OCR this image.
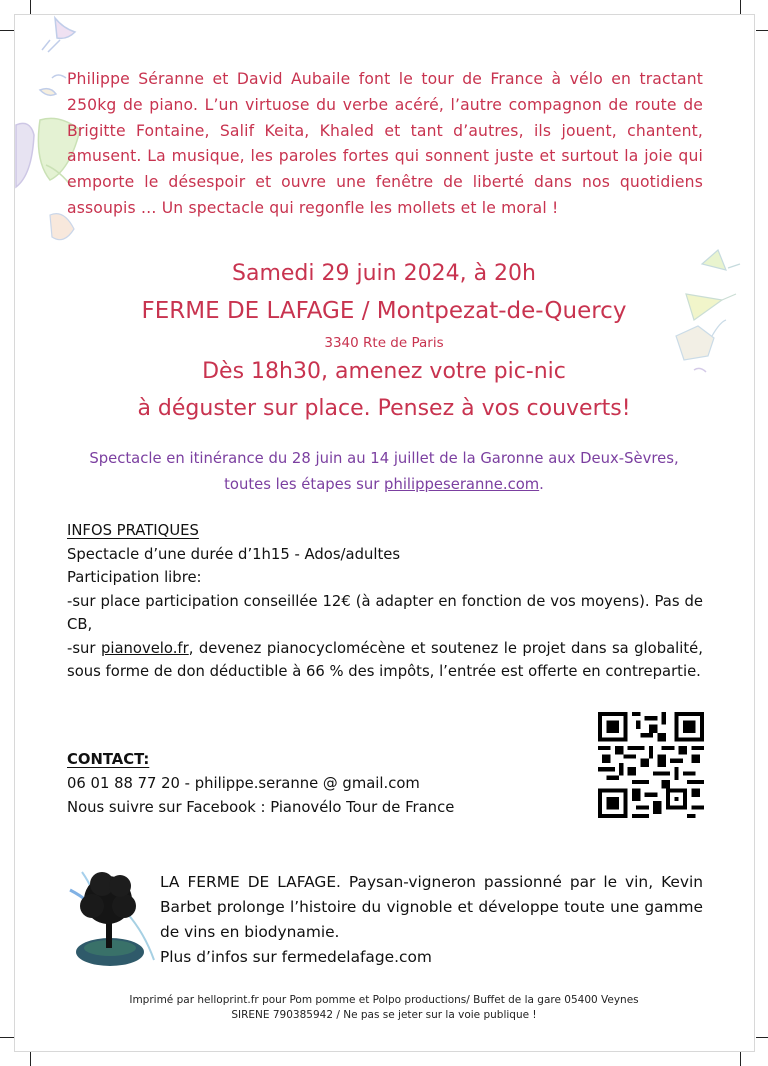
Philippe Séranne et David Aubaile font le tour de France à vélo en tractant 250kg de piano. L’un virtuose du verbe acéré, l’autre compagnon de route de Brigitte Fontaine, Salif Keita, Khaled et tant d’autres, ils jouent, chantent, amusent. La musique, les paroles fortes qui sonnent juste et surtout la joie qui emporte le désespoir et ouvre une fenêtre de liberté dans nos quotidiens assoupis … Un spectacle qui regonfle les mollets et le moral !
Samedi 29 juin 2024, à 20h
FERME DE LAFAGE / Montpezat-de-Quercy
3340 Rte de Paris
Dès 18h30, amenez votre pic-nic
à déguster sur place. Pensez à vos couverts!
Spectacle en itinérance du 28 juin au 14 juillet de la Garonne aux Deux-Sèvres, toutes les étapes sur philippeseranne.com.
INFOS PRATIQUES
Spectacle d’une durée d’1h15 - Ados/adultes
Participation libre:
-sur place participation conseillée 12€ (à adapter en fonction de vos moyens). Pas de CB,
-sur pianovelo.fr, devenez pianocyclomécène et soutenez le projet dans sa globalité, sous forme de don déductible à 66 % des impôts, l’entrée est offerte en contrepartie.
CONTACT:
06 01 88 77 20 - philippe.seranne @ gmail.com
Nous suivre sur Facebook : Pianovélo Tour de France
LA FERME DE LAFAGE. Paysan-vigneron passionné par le vin, Kevin Barbet prolonge l’histoire du vignoble et développe toute une gamme de vins en biodynamie.
Plus d’infos sur fermedelafage.com
Imprimé par helloprint.fr pour Pom pomme et Polpo productions/ Buffet de la gare 05400 Veynes
SIRENE 790385942 / Ne pas se jeter sur la voie publique !
